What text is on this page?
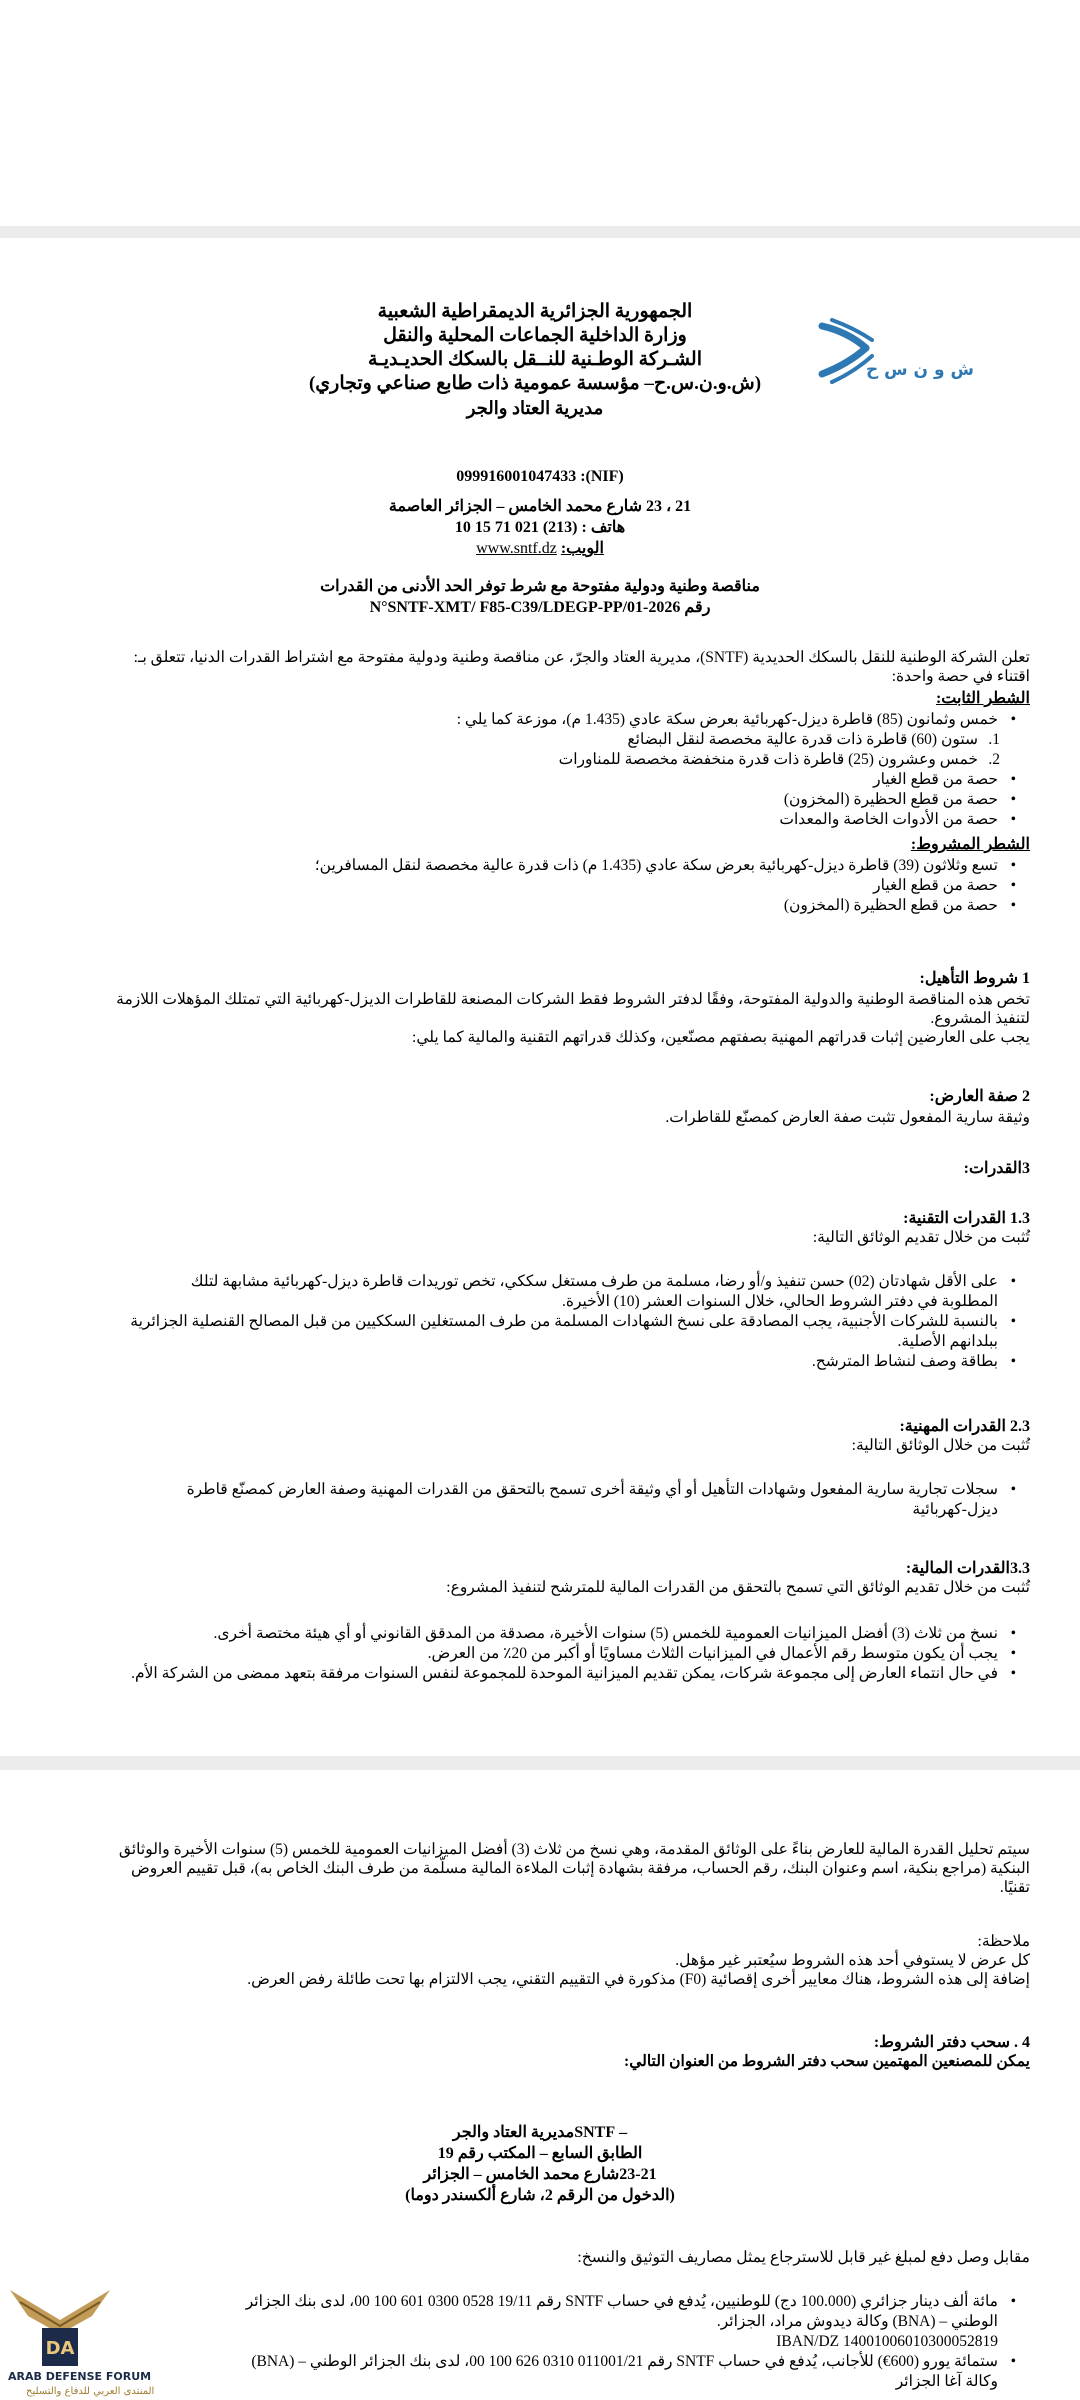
ش و ن س ح
الجمهورية الجزائرية الديمقراطية الشعبية
وزارة الداخلية الجماعات المحلية والنقل
الشـركة الوطـنية للنــقل بالسكك الحديـديـة
(ش.و.ن.س.ح– مؤسسة عمومية ذات طابع صناعي وتجاري)
مديرية العتاد والجر
099916001047433 :(NIF)
21 ، 23 شارع محمد الخامس – الجزائر العاصمة
هاتف : (213) 021 71 15 10
الويب: www.sntf.dz
مناقصة وطنية ودولية مفتوحة مع شرط توفر الحد الأدنى من القدرات
رقم N°SNTF-XMT/ F85-C39/LDEGP-PP/01-2026
تعلن الشركة الوطنية للنقل بالسكك الحديدية (SNTF)، مديرية العتاد والجرّ، عن مناقصة وطنية ودولية مفتوحة مع اشتراط القدرات الدنيا، تتعلق بـ:
اقتناء في حصة واحدة:
الشطر الثابت:
• خمس وثمانون (85) قاطرة ديزل-كهربائية بعرض سكة عادي (1.435 م)، موزعة كما يلي :
1.ستون (60) قاطرة ذات قدرة عالية مخصصة لنقل البضائع
2.خمس وعشرون (25) قاطرة ذات قدرة منخفضة مخصصة للمناورات
• حصة من قطع الغيار
• حصة من قطع الحظيرة (المخزون)
• حصة من الأدوات الخاصة والمعدات
الشطر المشروط:
• تسع وثلاثون (39) قاطرة ديزل-كهربائية بعرض سكة عادي (1.435 م) ذات قدرة عالية مخصصة لنقل المسافرين؛
• حصة من قطع الغيار
• حصة من قطع الحظيرة (المخزون)
1 شروط التأهيل:
تخص هذه المناقصة الوطنية والدولية المفتوحة، وفقًا لدفتر الشروط فقط الشركات المصنعة للقاطرات الديزل-كهربائية التي تمتلك المؤهلات اللازمة
لتنفيذ المشروع.
يجب على العارضين إثبات قدراتهم المهنية بصفتهم مصنّعين، وكذلك قدراتهم التقنية والمالية كما يلي:
2 صفة العارض:
وثيقة سارية المفعول تثبت صفة العارض كمصنّع للقاطرات.
3القدرات:
1.3 القدرات التقنية:
تُثبت من خلال تقديم الوثائق التالية:
• على الأقل شهادتان (02) حسن تنفيذ و/أو رضا، مسلمة من طرف مستغل سككي، تخص توريدات قاطرة ديزل-كهربائية مشابهة لتلك
المطلوبة في دفتر الشروط الحالي، خلال السنوات العشر (10) الأخيرة.
• بالنسبة للشركات الأجنبية، يجب المصادقة على نسخ الشهادات المسلمة من طرف المستغلين السككيين من قبل المصالح القنصلية الجزائرية
ببلدانهم الأصلية.
• بطاقة وصف لنشاط المترشح.
2.3 القدرات المهنية:
تُثبت من خلال الوثائق التالية:
• سجلات تجارية سارية المفعول وشهادات التأهيل أو أي وثيقة أخرى تسمح بالتحقق من القدرات المهنية وصفة العارض كمصنّع قاطرة
ديزل-كهربائية
3.3القدرات المالية:
تُثبت من خلال تقديم الوثائق التي تسمح بالتحقق من القدرات المالية للمترشح لتنفيذ المشروع:
• نسخ من ثلاث (3) أفضل الميزانيات العمومية للخمس (5) سنوات الأخيرة، مصدقة من المدقق القانوني أو أي هيئة مختصة أخرى.
• يجب أن يكون متوسط رقم الأعمال في الميزانيات الثلاث مساويًا أو أكبر من 20٪ من العرض.
• في حال انتماء العارض إلى مجموعة شركات، يمكن تقديم الميزانية الموحدة للمجموعة لنفس السنوات مرفقة بتعهد ممضى من الشركة الأم.
سيتم تحليل القدرة المالية للعارض بناءً على الوثائق المقدمة، وهي نسخ من ثلاث (3) أفضل الميزانيات العمومية للخمس (5) سنوات الأخيرة والوثائق
البنكية (مراجع بنكية، اسم وعنوان البنك، رقم الحساب، مرفقة بشهادة إثبات الملاءة المالية مسلّمة من طرف البنك الخاص به)، قبل تقييم العروض
تقنيًا.
ملاحظة:
كل عرض لا يستوفي أحد هذه الشروط سيُعتبر غير مؤهل.
إضافة إلى هذه الشروط، هناك معايير أخرى إقصائية (F0) مذكورة في التقييم التقني، يجب الالتزام بها تحت طائلة رفض العرض.
4 . سحب دفتر الشروط:
يمكن للمصنعين المهتمين سحب دفتر الشروط من العنوان التالي:
– SNTFمديرية العتاد والجر
الطابق السابع – المكتب رقم 19
23-21شارع محمد الخامس – الجزائر
(الدخول من الرقم 2، شارع ألكسندر دوما)
مقابل وصل دفع لمبلغ غير قابل للاسترجاع يمثل مصاريف التوثيق والنسخ:
• مائة ألف دينار جزائري (100.000 دج) للوطنيين، يُدفع في حساب SNTF رقم 19/11 0528 0300 601 100 00، لدى بنك الجزائر
الوطني – (BNA) وكالة ديدوش مراد، الجزائر.
IBAN/DZ 14001006010300052819
• ستمائة يورو (600€) للأجانب، يُدفع في حساب SNTF رقم 011001/21 0310 626 100 00، لدى بنك الجزائر الوطني – (BNA)
وكالة آغا الجزائر
DA
ARAB DEFENSE FORUM
المنتدى العربي للدفاع والتسليح
